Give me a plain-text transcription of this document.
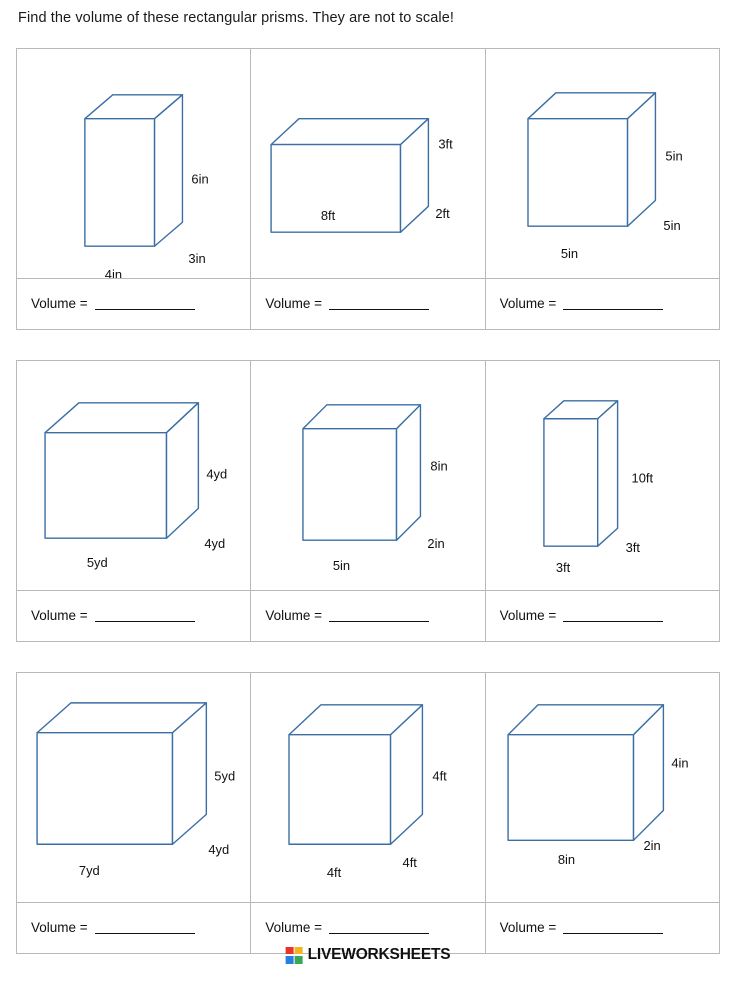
Find the volume of these rectangular prisms. They are not to scale!
6in
3in
4in
Volume =
3ft
2ft
8ft
Volume =
5in
5in
5in
Volume =
4yd
4yd
5yd
Volume =
8in
2in
5in
Volume =
10ft
3ft
3ft
Volume =
5yd
4yd
7yd
Volume =
4ft
4ft
4ft
Volume =
4in
2in
8in
Volume =
LIVEWORKSHEETS
